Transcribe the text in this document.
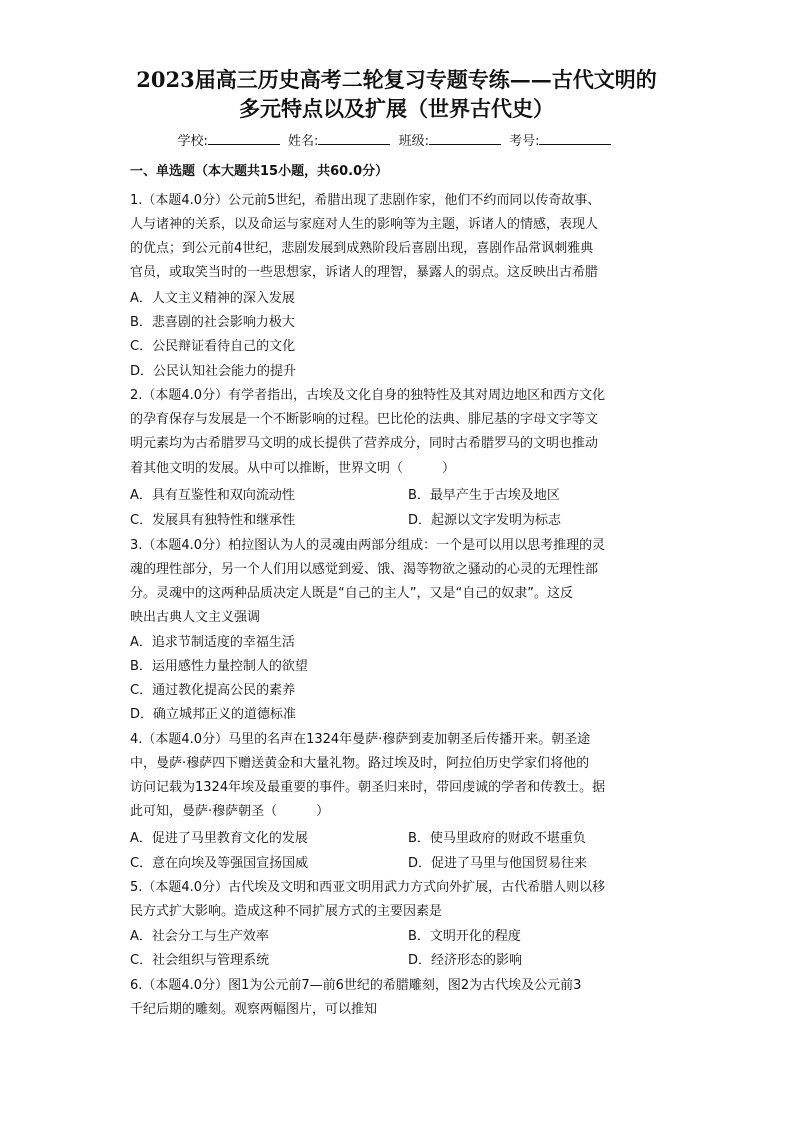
2023届高三历史高考二轮复习专题专练——古代文明的
多元特点以及扩展（世界古代史）
学校:	姓名:	班级:	考号:
一、单选题（本大题共15小题，共60.0分）
1.（本题4.0分）公元前5世纪，希腊出现了悲剧作家，他们不约而同以传奇故事、
人与诸神的关系，以及命运与家庭对人生的影响等为主题，诉诸人的情感，表现人
的优点；到公元前4世纪，悲剧发展到成熟阶段后喜剧出现，喜剧作品常讽刺雅典
官员，或取笑当时的一些思想家，诉诸人的理智，暴露人的弱点。这反映出古希腊
A．人文主义精神的深入发展
B．悲喜剧的社会影响力极大
C．公民辩证看待自己的文化
D．公民认知社会能力的提升
2.（本题4.0分）有学者指出，古埃及文化自身的独特性及其对周边地区和西方文化
的孕育保存与发展是一个不断影响的过程。巴比伦的法典、腓尼基的字母文字等文
明元素均为古希腊罗马文明的成长提供了营养成分，同时古希腊罗马的文明也推动
着其他文明的发展。从中可以推断，世界文明（　　　）
A．具有互鉴性和双向流动性	B．最早产生于古埃及地区
C．发展具有独特性和继承性	D．起源以文字发明为标志
3.（本题4.0分）柏拉图认为人的灵魂由两部分组成：一个是可以用以思考推理的灵
魂的理性部分，另一个人们用以感觉到爱、饿、渴等物欲之骚动的心灵的无理性部
分。灵魂中的这两种品质决定人既是“自己的主人”，又是“自己的奴隶”。这反
映出古典人文主义强调
A．追求节制适度的幸福生活
B．运用感性力量控制人的欲望
C．通过教化提高公民的素养
D．确立城邦正义的道德标准
4.（本题4.0分）马里的名声在1324年曼萨·穆萨到麦加朝圣后传播开来。朝圣途
中，曼萨·穆萨四下赠送黄金和大量礼物。路过埃及时，阿拉伯历史学家们将他的
访问记载为1324年埃及最重要的事件。朝圣归来时，带回虔诚的学者和传教士。据
此可知，曼萨·穆萨朝圣（　　　）
A．促进了马里教育文化的发展	B．使马里政府的财政不堪重负
C．意在向埃及等强国宣扬国威	D．促进了马里与他国贸易往来
5.（本题4.0分）古代埃及文明和西亚文明用武力方式向外扩展，古代希腊人则以移
民方式扩大影响。造成这种不同扩展方式的主要因素是
A．社会分工与生产效率	B．文明开化的程度
C．社会组织与管理系统	D．经济形态的影响
6.（本题4.0分）图1为公元前7—前6世纪的希腊雕刻，图2为古代埃及公元前3
千纪后期的雕刻。观察两幅图片，可以推知
